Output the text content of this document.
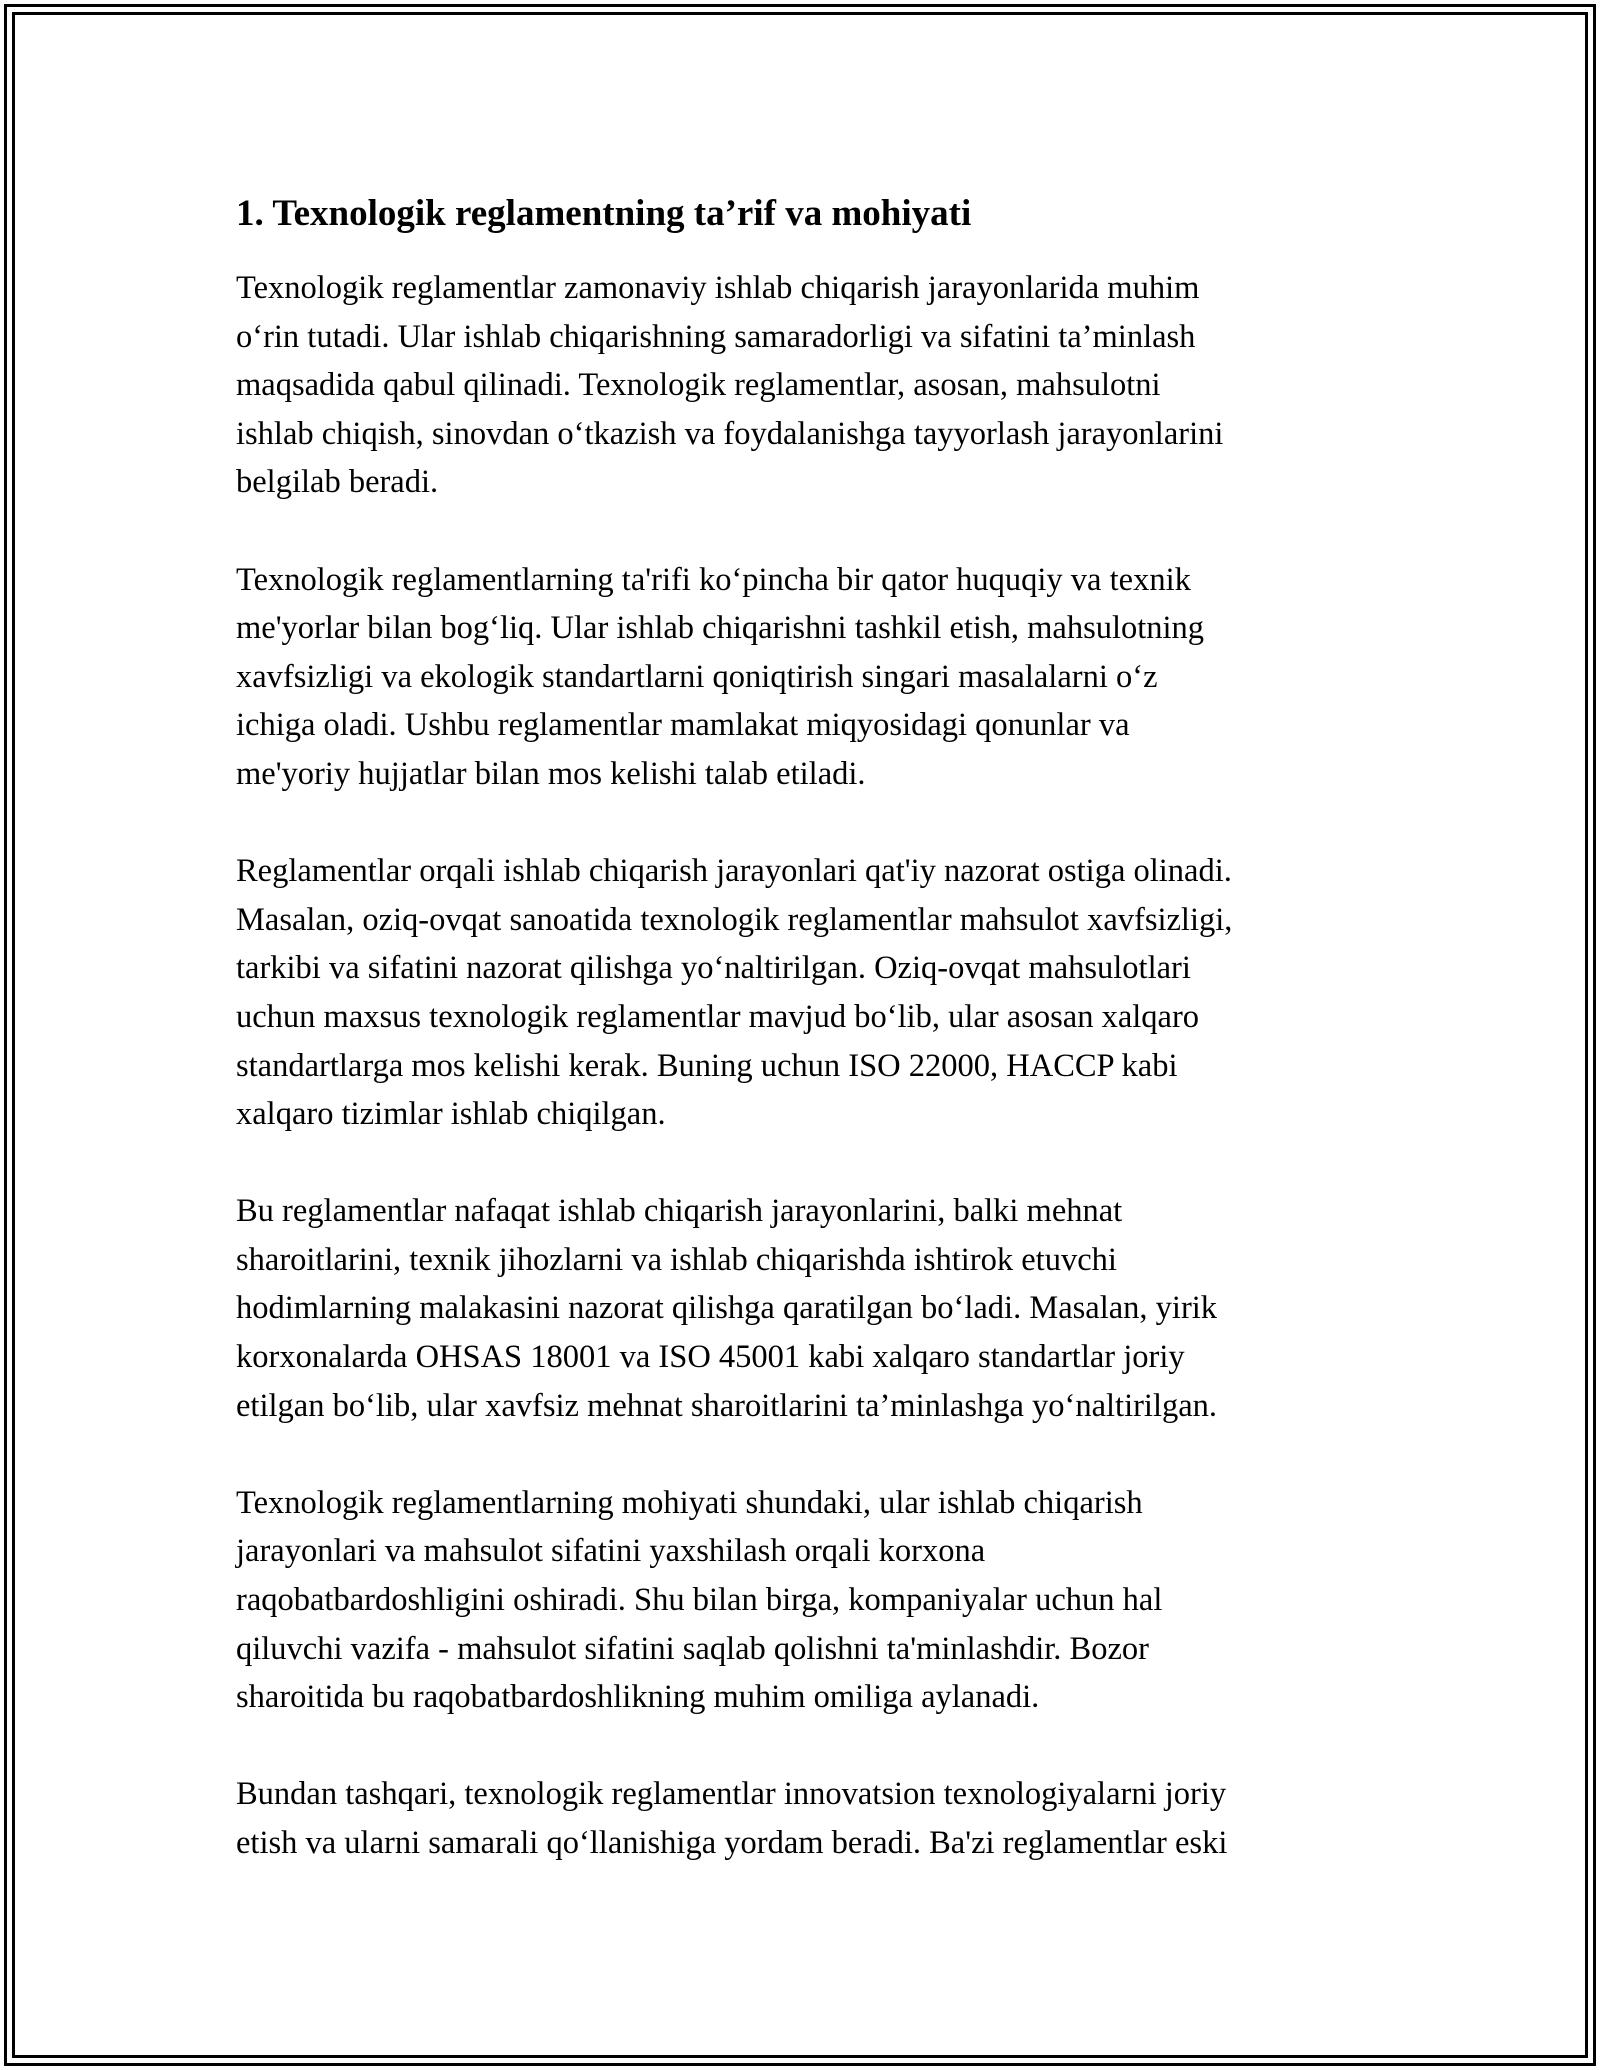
1. Texnologik reglamentning ta’rif va mohiyati

Texnologik reglamentlar zamonaviy ishlab chiqarish jarayonlarida muhim
o‘rin tutadi. Ular ishlab chiqarishning samaradorligi va sifatini ta’minlash
maqsadida qabul qilinadi. Texnologik reglamentlar, asosan, mahsulotni
ishlab chiqish, sinovdan o‘tkazish va foydalanishga tayyorlash jarayonlarini
belgilab beradi.

Texnologik reglamentlarning ta'rifi ko‘pincha bir qator huquqiy va texnik
me'yorlar bilan bog‘liq. Ular ishlab chiqarishni tashkil etish, mahsulotning
xavfsizligi va ekologik standartlarni qoniqtirish singari masalalarni o‘z
ichiga oladi. Ushbu reglamentlar mamlakat miqyosidagi qonunlar va
me'yoriy hujjatlar bilan mos kelishi talab etiladi.

Reglamentlar orqali ishlab chiqarish jarayonlari qat'iy nazorat ostiga olinadi.
Masalan, oziq-ovqat sanoatida texnologik reglamentlar mahsulot xavfsizligi,
tarkibi va sifatini nazorat qilishga yo‘naltirilgan. Oziq-ovqat mahsulotlari
uchun maxsus texnologik reglamentlar mavjud bo‘lib, ular asosan xalqaro
standartlarga mos kelishi kerak. Buning uchun ISO 22000, HACCP kabi
xalqaro tizimlar ishlab chiqilgan.

Bu reglamentlar nafaqat ishlab chiqarish jarayonlarini, balki mehnat
sharoitlarini, texnik jihozlarni va ishlab chiqarishda ishtirok etuvchi
hodimlarning malakasini nazorat qilishga qaratilgan bo‘ladi. Masalan, yirik
korxonalarda OHSAS 18001 va ISO 45001 kabi xalqaro standartlar joriy
etilgan bo‘lib, ular xavfsiz mehnat sharoitlarini ta’minlashga yo‘naltirilgan.

Texnologik reglamentlarning mohiyati shundaki, ular ishlab chiqarish
jarayonlari va mahsulot sifatini yaxshilash orqali korxona
raqobatbardoshligini oshiradi. Shu bilan birga, kompaniyalar uchun hal
qiluvchi vazifa - mahsulot sifatini saqlab qolishni ta'minlashdir. Bozor
sharoitida bu raqobatbardoshlikning muhim omiliga aylanadi.

Bundan tashqari, texnologik reglamentlar innovatsion texnologiyalarni joriy
etish va ularni samarali qo‘llanishiga yordam beradi. Ba'zi reglamentlar eski
